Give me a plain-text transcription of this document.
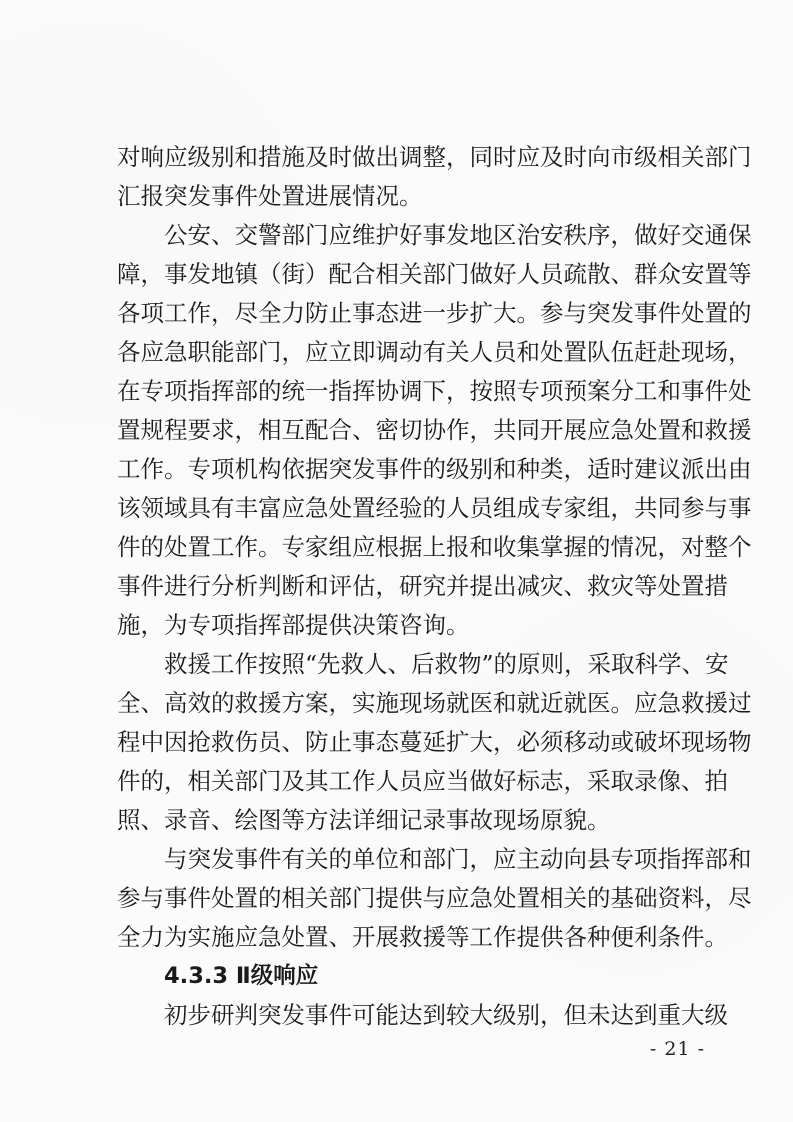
对响应级别和措施及时做出调整，同时应及时向市级相关部门
汇报突发事件处置进展情况。
公安、交警部门应维护好事发地区治安秩序，做好交通保
障，事发地镇（街）配合相关部门做好人员疏散、群众安置等
各项工作，尽全力防止事态进一步扩大。参与突发事件处置的
各应急职能部门，应立即调动有关人员和处置队伍赶赴现场，
在专项指挥部的统一指挥协调下，按照专项预案分工和事件处
置规程要求，相互配合、密切协作，共同开展应急处置和救援
工作。专项机构依据突发事件的级别和种类，适时建议派出由
该领域具有丰富应急处置经验的人员组成专家组，共同参与事
件的处置工作。专家组应根据上报和收集掌握的情况，对整个
事件进行分析判断和评估，研究并提出减灾、救灾等处置措
施，为专项指挥部提供决策咨询。
救援工作按照“先救人、后救物”的原则，采取科学、安
全、高效的救援方案，实施现场就医和就近就医。应急救援过
程中因抢救伤员、防止事态蔓延扩大，必须移动或破坏现场物
件的，相关部门及其工作人员应当做好标志，采取录像、拍
照、录音、绘图等方法详细记录事故现场原貌。
与突发事件有关的单位和部门，应主动向县专项指挥部和
参与事件处置的相关部门提供与应急处置相关的基础资料，尽
全力为实施应急处置、开展救援等工作提供各种便利条件。
4.3.3 Ⅱ级响应
初步研判突发事件可能达到较大级别，但未达到重大级
- 21 -
